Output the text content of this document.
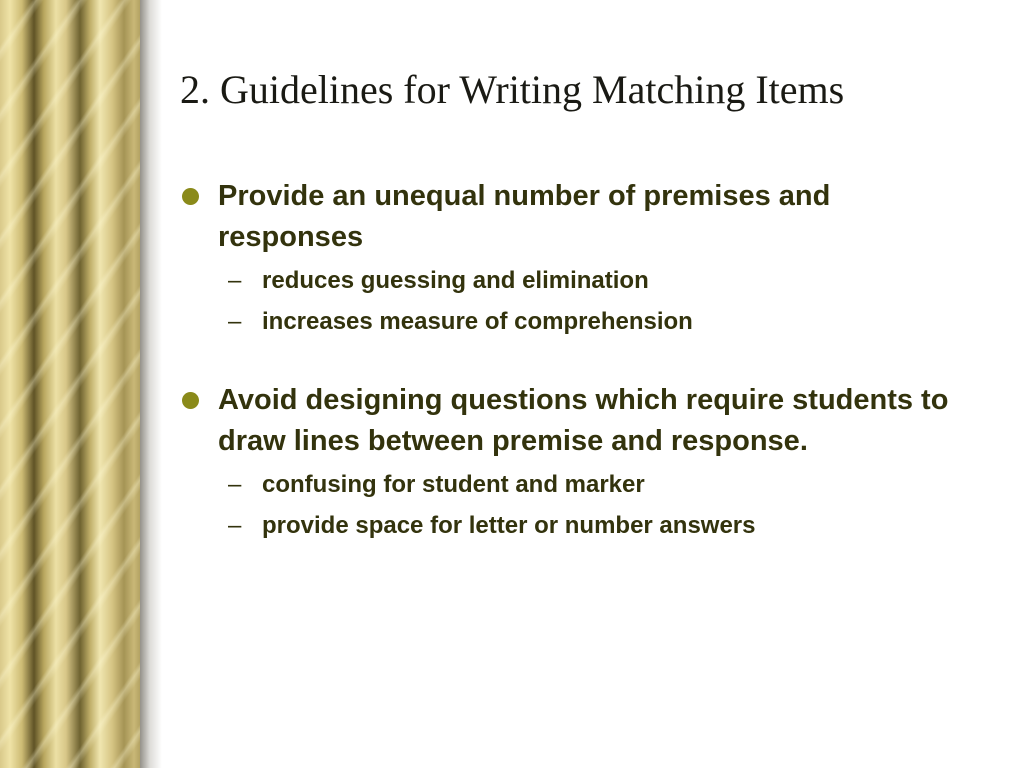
2. Guidelines for Writing Matching Items
Provide an unequal number of premises and responses
– reduces guessing and elimination
– increases measure of comprehension
Avoid designing questions which require students to draw lines between premise and response.
– confusing for student and marker
– provide space for letter or number answers
